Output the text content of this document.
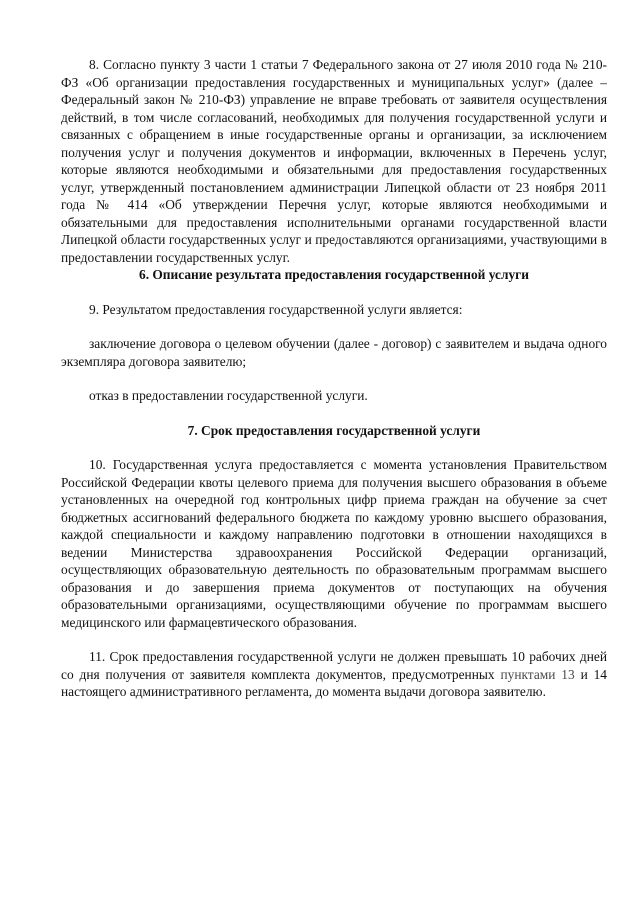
8. Согласно пункту 3 части 1 статьи 7 Федерального закона от 27 июля 2010 года № 210-ФЗ «Об организации предоставления государственных и муниципальных услуг» (далее – Федеральный закон № 210-ФЗ) управление не вправе требовать от заявителя осуществления действий, в том числе согласований, необходимых для получения государственной услуги и связанных с обращением в иные государственные органы и организации, за исключением получения услуг и получения документов и информации, включенных в Перечень услуг, которые являются необходимыми и обязательными для предоставления государственных услуг, утвержденный постановлением администрации Липецкой области от 23 ноября 2011 года № 414 «Об утверждении Перечня услуг, которые являются необходимыми и обязательными для предоставления исполнительными органами государственной власти Липецкой области государственных услуг и предоставляются организациями, участвующими в предоставлении государственных услуг.

6. Описание результата предоставления государственной услуги

9. Результатом предоставления государственной услуги является:

заключение договора о целевом обучении (далее - договор) с заявителем и выдача одного экземпляра договора заявителю;

отказ в предоставлении государственной услуги.

7. Срок предоставления государственной услуги

10. Государственная услуга предоставляется с момента установления Правительством Российской Федерации квоты целевого приема для получения высшего образования в объеме установленных на очередной год контрольных цифр приема граждан на обучение за счет бюджетных ассигнований федерального бюджета по каждому уровню высшего образования, каждой специальности и каждому направлению подготовки в отношении находящихся в ведении Министерства здравоохранения Российской Федерации организаций, осуществляющих образовательную деятельность по образовательным программам высшего образования и до завершения приема документов от поступающих на обучения образовательными организациями, осуществляющими обучение по программам высшего медицинского или фармацевтического образования.

11. Срок предоставления государственной услуги не должен превышать 10 рабочих дней со дня получения от заявителя комплекта документов, предусмотренных пунктами 13 и 14 настоящего административного регламента, до момента выдачи договора заявителю.
